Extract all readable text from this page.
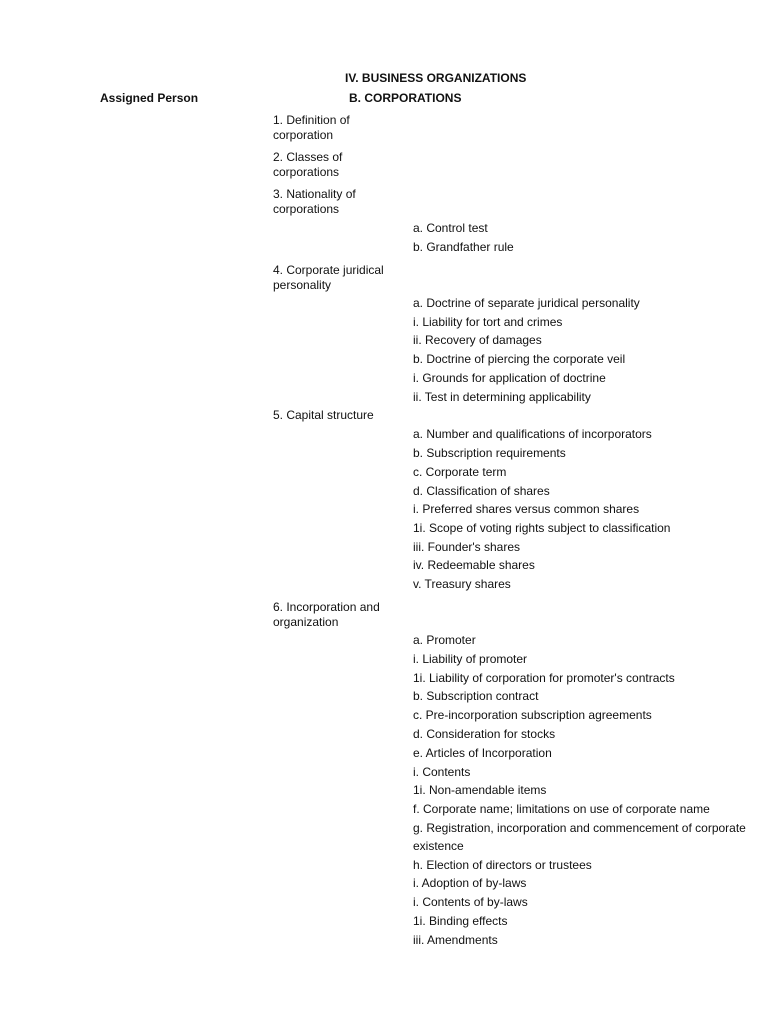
IV. BUSINESS ORGANIZATIONS
Assigned Person	B. CORPORATIONS
1. Definition of
corporation
2. Classes of
corporations
3. Nationality of
corporations
4. Corporate juridical
personality
5. Capital structure
6. Incorporation and
organization
a. Control test
b. Grandfather rule
a. Doctrine of separate juridical personality
i. Liability for tort and crimes
ii. Recovery of damages
b. Doctrine of piercing the corporate veil
i. Grounds for application of doctrine
ii. Test in determining applicability
a. Number and qualifications of incorporators
b. Subscription requirements
c. Corporate term
d. Classification of shares
i. Preferred shares versus common shares
1i. Scope of voting rights subject to classification
iii. Founder's shares
iv. Redeemable shares
v. Treasury shares
a. Promoter
i. Liability of promoter
1i. Liability of corporation for promoter's contracts
b. Subscription contract
c. Pre-incorporation subscription agreements
d. Consideration for stocks
e. Articles of Incorporation
i. Contents
1i. Non-amendable items
f. Corporate name; limitations on use of corporate name
g. Registration, incorporation and commencement of corporate
existence
h. Election of directors or trustees
i. Adoption of by-laws
i. Contents of by-laws
1i. Binding effects
iii. Amendments
